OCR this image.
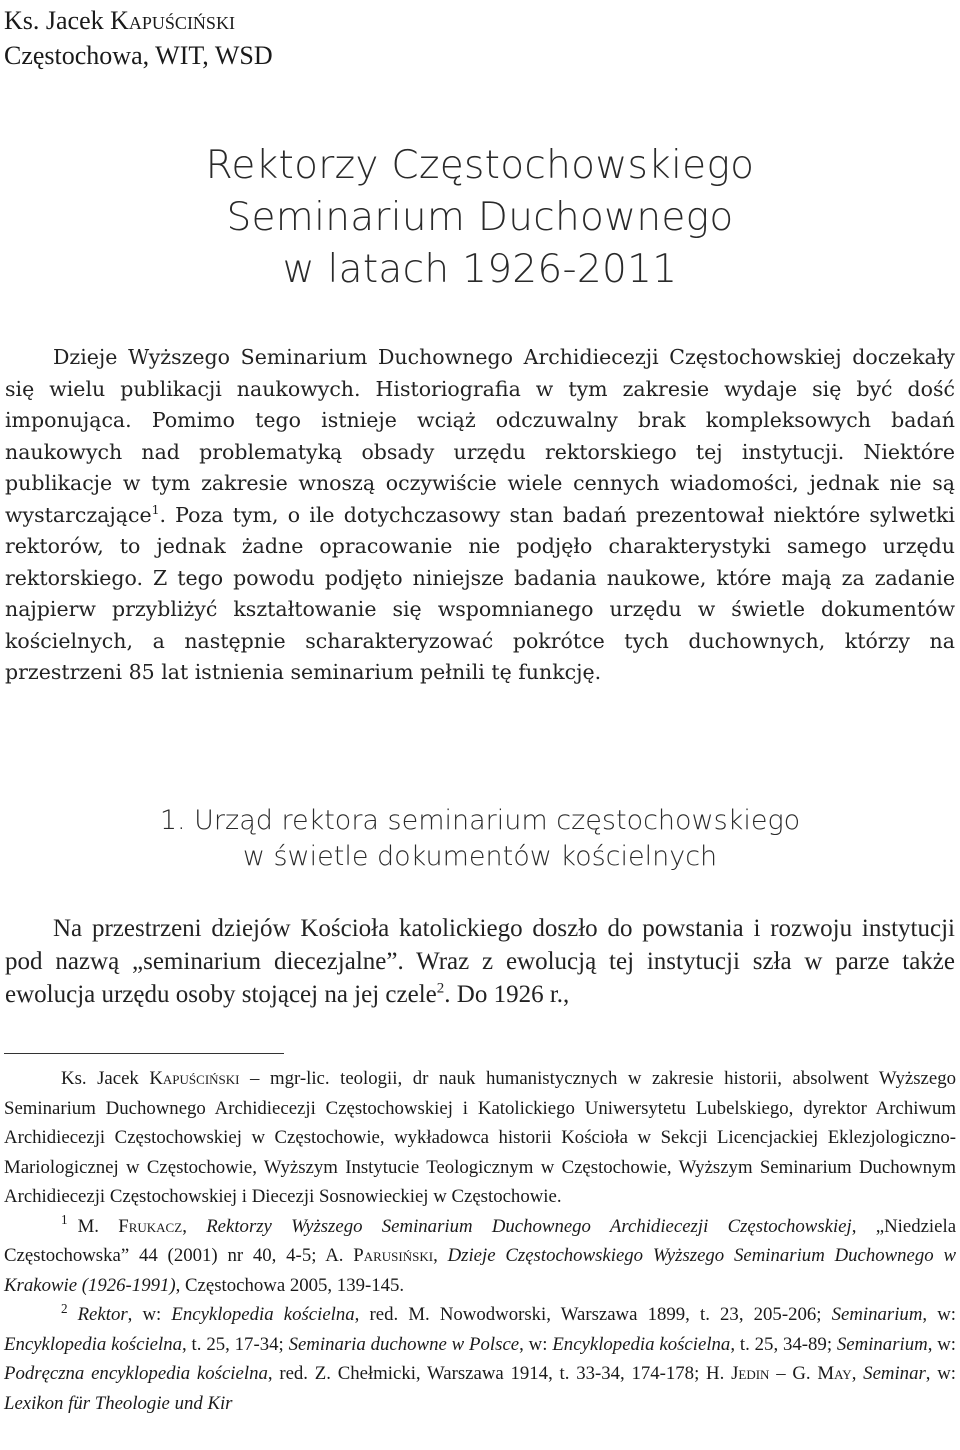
Ks. Jacek Kapuściński
Częstochowa, WIT, WSD
Rektorzy Częstochowskiego
Seminarium Duchownego
w latach 1926-2011

Dzieje Wyższego Seminarium Duchownego Archidiecezji Częstochowskiej doczekały się wielu publikacji naukowych. Historiografia w tym zakresie wydaje się być dość imponująca. Pomimo tego istnieje wciąż odczuwalny brak kompleksowych badań naukowych nad problematyką obsady urzędu rektorskiego tej instytucji. Niektóre publikacje w tym zakresie wnoszą oczywiście wiele cennych wiadomości, jednak nie są wystarczające$^1$. Poza tym, o ile dotychczasowy stan badań prezentował niektóre sylwetki rektorów, to jednak żadne opracowanie nie podjęło charakterystyki samego urzędu rektorskiego. Z tego powodu podjęto niniejsze badania naukowe, które mają za zadanie najpierw przybliżyć kształtowanie się wspomnianego urzędu w świetle dokumentów kościelnych, a następnie scharakteryzować pokrótce tych duchownych, którzy na przestrzeni 85 lat istnienia seminarium pełnili tę funkcję.

1. Urząd rektora seminarium częstochowskiego
w świetle dokumentów kościelnych

Na przestrzeni dziejów Kościoła katolickiego doszło do powstania i rozwoju instytucji pod nazwą „seminarium diecezjalne”. Wraz z ewolucją tej instytucji szła w parze także ewolucja urzędu osoby stojącej na jej czele$^2$. Do 1926 r.,

Ks. Jacek Kapuściński – mgr-lic. teologii, dr nauk humanistycznych w zakresie historii, absolwent Wyższego Seminarium Duchownego Archidiecezji Częstochowskiej i Katolickiego Uniwersytetu Lubelskiego, dyrektor Archiwum Archidiecezji Częstochowskiej w Częstochowie, wykładowca historii Kościoła w Sekcji Licencjackiej Eklezjologiczno-Mariologicznej w Częstochowie, Wyższym Instytucie Teologicznym w Częstochowie, Wyższym Seminarium Duchownym Archidiecezji Częstochowskiej i Diecezji Sosnowieckiej w Częstochowie.

$^1$ M. Frukacz, Rektorzy Wyższego Seminarium Duchownego Archidiecezji Częstochowskiej, „Niedziela Częstochowska” 44 (2001) nr 40, 4-5; A. Parusiński, Dzieje Częstochowskiego Wyższego Seminarium Duchownego w Krakowie (1926-1991), Częstochowa 2005, 139-145.

$^2$ Rektor, w: Encyklopedia kościelna, red. M. Nowodworski, Warszawa 1899, t. 23, 205-206; Seminarium, w: Encyklopedia kościelna, t. 25, 17-34; Seminaria duchowne w Polsce, w: Encyklopedia kościelna, t. 25, 34-89; Seminarium, w: Podręczna encyklopedia kościelna, red. Z. Chełmicki, Warszawa 1914, t. 33-34, 174-178; H. Jedin – G. May, Seminar, w: Lexikon für Theologie und Kir
